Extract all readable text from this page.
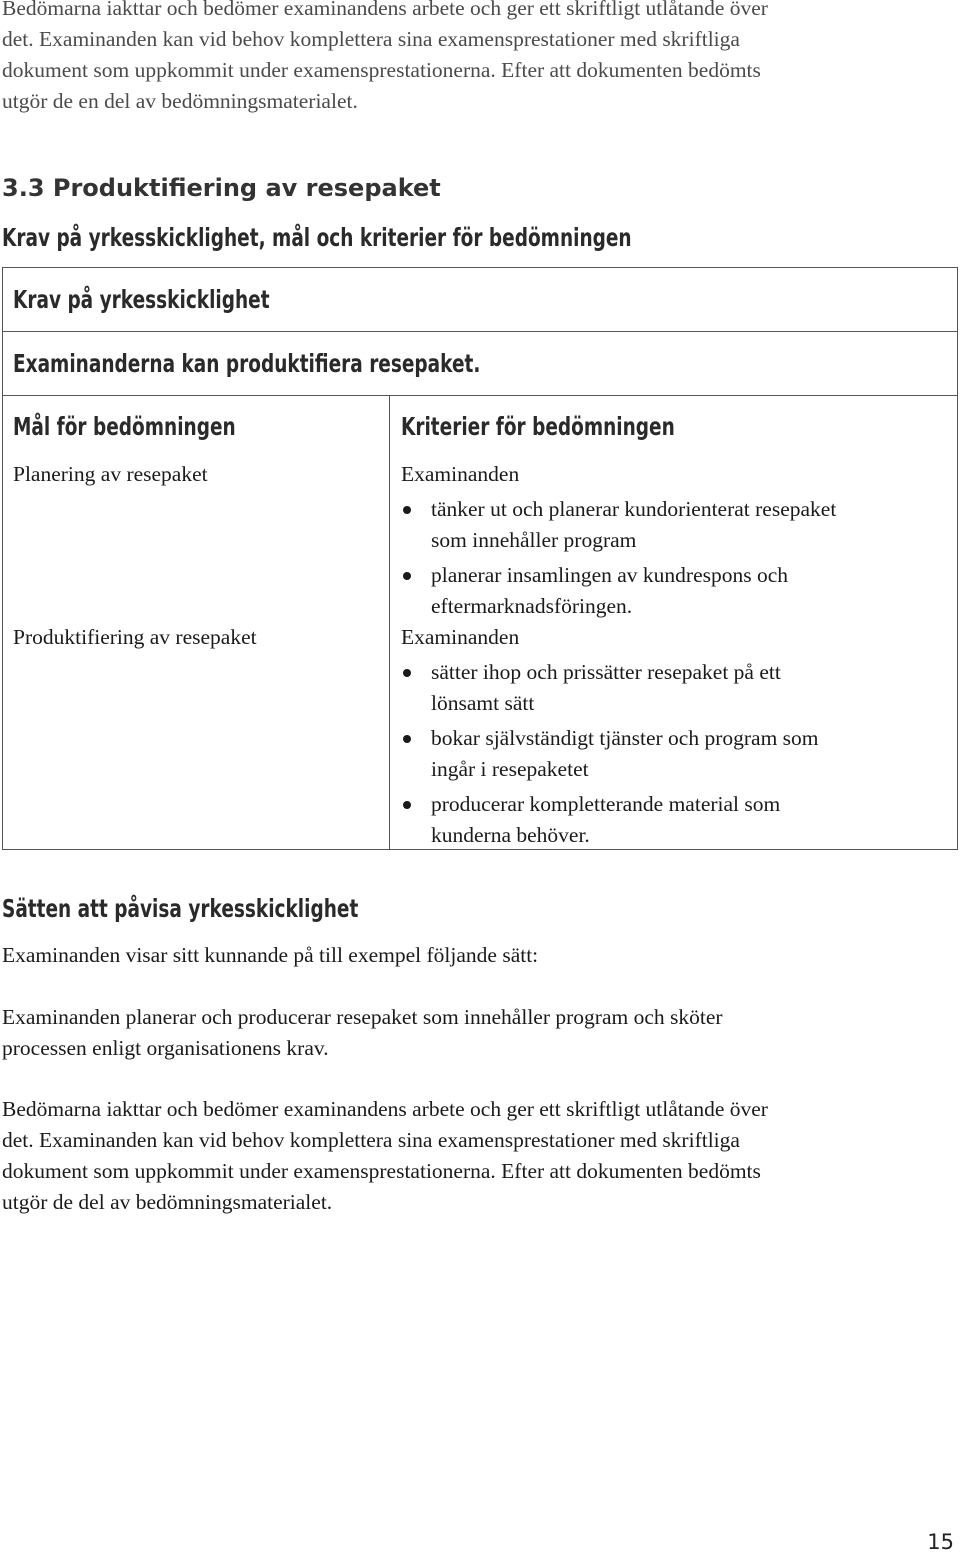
Bedömarna iakttar och bedömer examinandens arbete och ger ett skriftligt utlåtande över
det. Examinanden kan vid behov komplettera sina examensprestationer med skriftliga
dokument som uppkommit under examensprestationerna. Efter att dokumenten bedömts
utgör de en del av bedömningsmaterialet.

3.3 Produktifiering av resepaket
Krav på yrkesskicklighet, mål och kriterier för bedömningen
Krav på yrkesskicklighet
Examinanderna kan produktifiera resepaket.
Mål för bedömningen	Kriterier för bedömningen
Planering av resepaket	Examinanden
tänker ut och planerar kundorienterat resepaket
som innehåller program
planerar insamlingen av kundrespons och
eftermarknadsföringen.
Produktifiering av resepaket	Examinanden
sätter ihop och prissätter resepaket på ett
lönsamt sätt
bokar självständigt tjänster och program som
ingår i resepaketet
producerar kompletterande material som
kunderna behöver.
Sätten att påvisa yrkesskicklighet

Examinanden visar sitt kunnande på till exempel följande sätt:

Examinanden planerar och producerar resepaket som innehåller program och sköter
processen enligt organisationens krav.

Bedömarna iakttar och bedömer examinandens arbete och ger ett skriftligt utlåtande över
det. Examinanden kan vid behov komplettera sina examensprestationer med skriftliga
dokument som uppkommit under examensprestationerna. Efter att dokumenten bedömts
utgör de del av bedömningsmaterialet.

15
